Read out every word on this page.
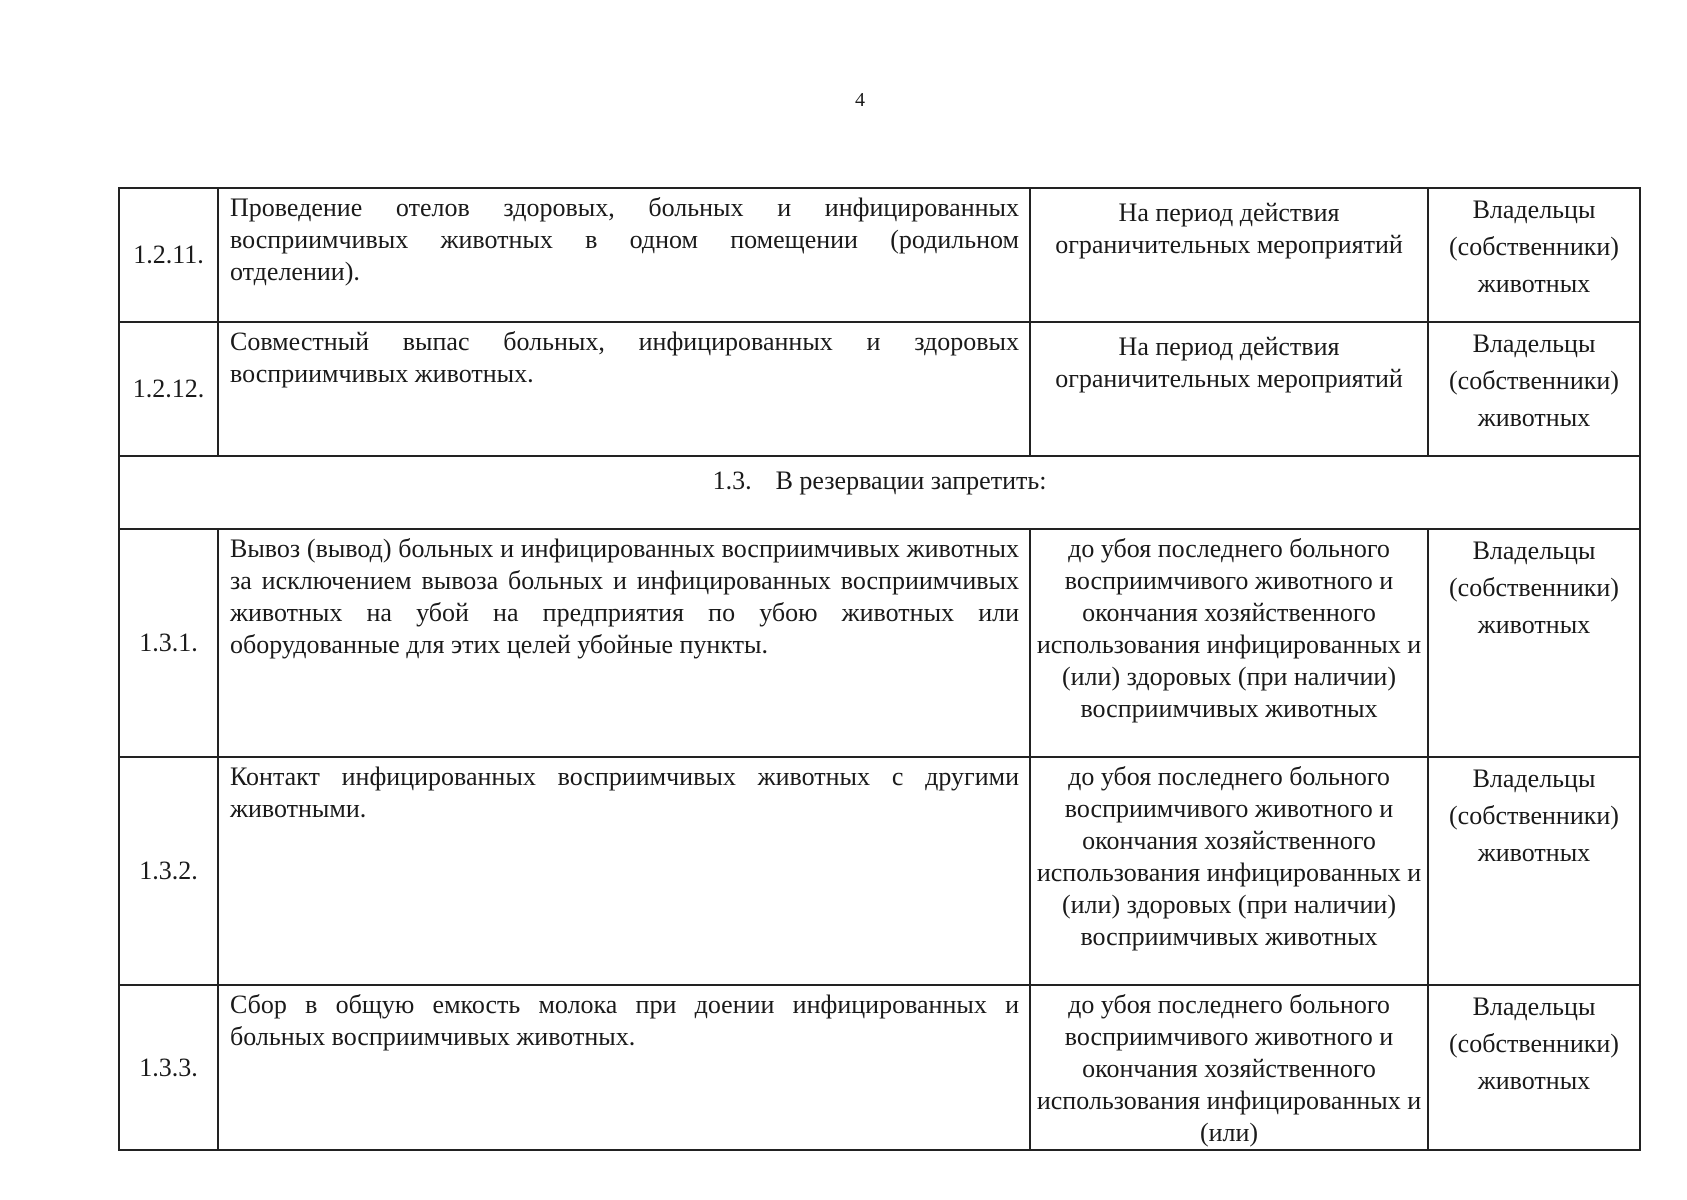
4
1.2.11.	Проведение отелов здоровых, больных и инфицированных восприимчивых животных в одном помещении (родильном отделении).	На период действия ограничительных мероприятий	Владельцы (собственники) животных

1.2.12.	Совместный выпас больных, инфицированных и здоровых восприимчивых животных.	На период действия ограничительных мероприятий	Владельцы (собственники) животных

1.3. В резервации запретить:			

1.3.1.	Вывоз (вывод) больных и инфицированных восприимчивых животных за исключением вывоза больных и инфицированных восприимчивых животных на убой на предприятия по убою животных или оборудованные для этих целей убойные пункты.	до убоя последнего больного восприимчивого животного и окончания хозяйственного использования инфицированных и (или) здоровых (при наличии) восприимчивых животных	Владельцы (собственники) животных

1.3.2.	Контакт инфицированных восприимчивых животных с другими животными.	до убоя последнего больного восприимчивого животного и окончания хозяйственного использования инфицированных и (или) здоровых (при наличии) восприимчивых животных	Владельцы (собственники) животных

1.3.3.	Сбор в общую емкость молока при доении инфицированных и больных восприимчивых животных.	до убоя последнего больного восприимчивого животного и окончания хозяйственного использования инфицированных и (или)	Владельцы (собственники) животных
